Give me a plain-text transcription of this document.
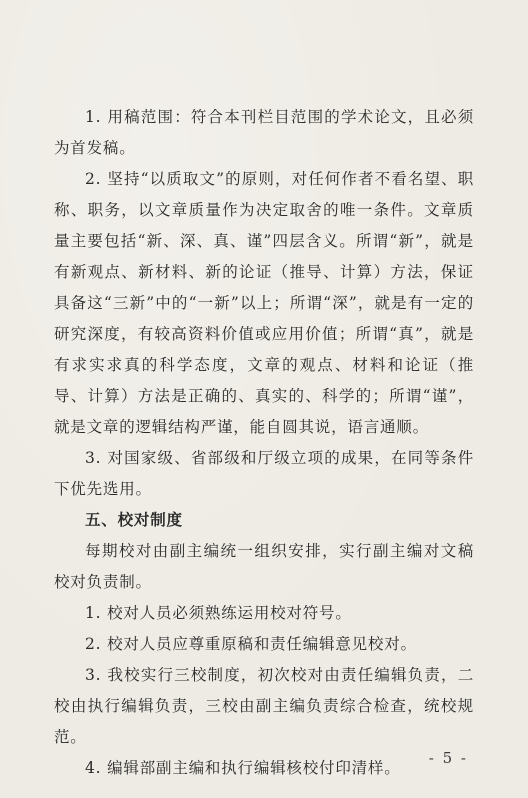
1. 用稿范围：符合本刊栏目范围的学术论文，且必须为首发稿。

2. 坚持“以质取文”的原则，对任何作者不看名望、职称、职务，以文章质量作为决定取舍的唯一条件。文章质量主要包括“新、深、真、谨”四层含义。所谓“新”，就是有新观点、新材料、新的论证（推导、计算）方法，保证具备这“三新”中的“一新”以上；所谓“深”，就是有一定的研究深度，有较高资料价值或应用价值；所谓“真”，就是有求实求真的科学态度，文章的观点、材料和论证（推导、计算）方法是正确的、真实的、科学的；所谓“谨”，就是文章的逻辑结构严谨，能自圆其说，语言通顺。

3. 对国家级、省部级和厅级立项的成果，在同等条件下优先选用。

五、校对制度

每期校对由副主编统一组织安排，实行副主编对文稿校对负责制。

1. 校对人员必须熟练运用校对符号。

2. 校对人员应尊重原稿和责任编辑意见校对。

3. 我校实行三校制度，初次校对由责任编辑负责，二校由执行编辑负责，三校由副主编负责综合检查，统校规范。

4. 编辑部副主编和执行编辑核校付印清样。

- 5 -
